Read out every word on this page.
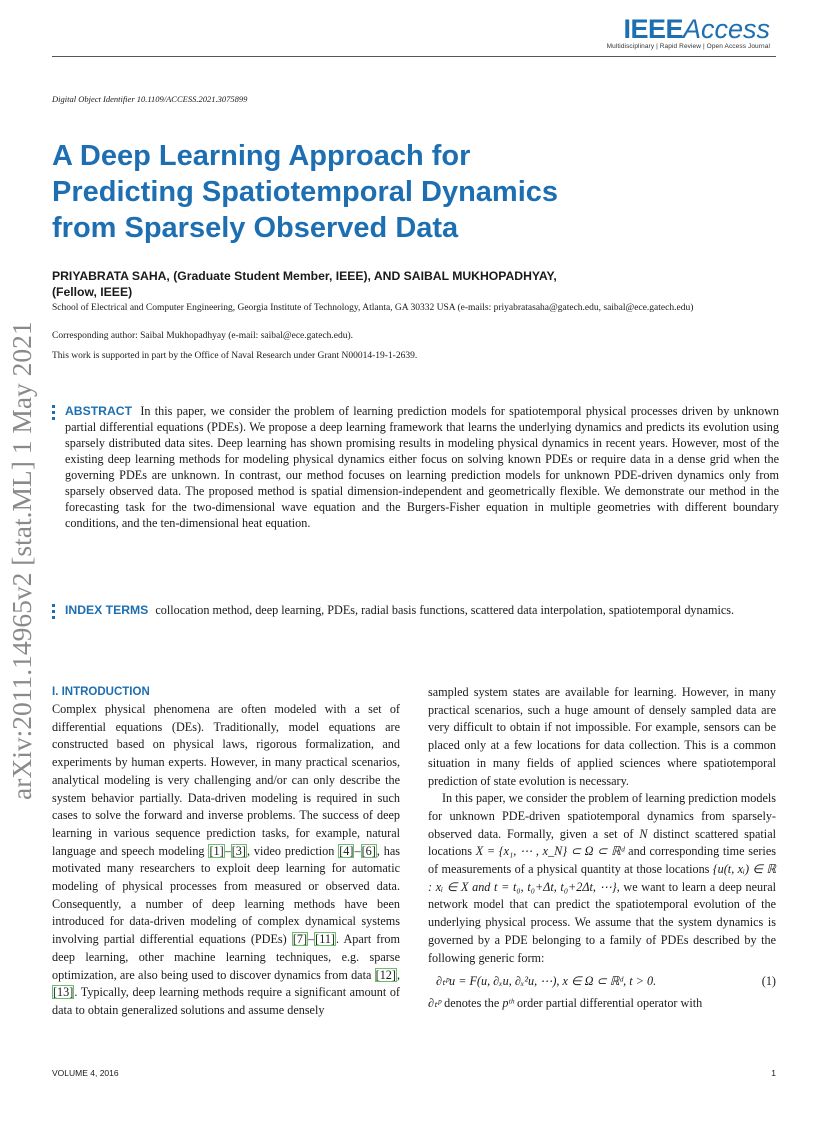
IEEEAccess
Multidisciplinary | Rapid Review | Open Access Journal
Digital Object Identifier 10.1109/ACCESS.2021.3075899
A Deep Learning Approach for
Predicting Spatiotemporal Dynamics
from Sparsely Observed Data
PRIYABRATA SAHA, (Graduate Student Member, IEEE), AND SAIBAL MUKHOPADHYAY,
(Fellow, IEEE)
School of Electrical and Computer Engineering, Georgia Institute of Technology, Atlanta, GA 30332 USA (e-mails: priyabratasaha@gatech.edu, saibal@ece.gatech.edu)
Corresponding author: Saibal Mukhopadhyay (e-mail: saibal@ece.gatech.edu).
This work is supported in part by the Office of Naval Research under Grant N00014-19-1-2639.
arXiv:2011.14965v2 [stat.ML] 1 May 2021 ABSTRACT In this paper, we consider the problem of learning prediction models for spatiotemporal physical processes driven by unknown partial differential equations (PDEs). We propose a deep learning framework that learns the underlying dynamics and predicts its evolution using sparsely distributed data sites. Deep learning has shown promising results in modeling physical dynamics in recent years. However, most of the existing deep learning methods for modeling physical dynamics either focus on solving known PDEs or require data in a dense grid when the governing PDEs are unknown. In contrast, our method focuses on learning prediction models for unknown PDE-driven dynamics only from sparsely observed data. The proposed method is spatial dimension-independent and geometrically flexible. We demonstrate our method in the forecasting task for the two-dimensional wave equation and the Burgers-Fisher equation in multiple geometries with different boundary conditions, and the ten-dimensional heat equation.
INDEX TERMS collocation method, deep learning, PDEs, radial basis functions, scattered data interpolation, spatiotemporal dynamics.
I. INTRODUCTION
Complex physical phenomena are often modeled with a set of differential equations (DEs). Traditionally, model equations are constructed based on physical laws, rigorous formalization, and experiments by human experts. However, in many practical scenarios, analytical modeling is very challenging and/or can only describe the system behavior partially. Data-driven modeling is required in such cases to solve the forward and inverse problems. The success of deep learning in various sequence prediction tasks, for example, natural language and speech modeling [1]–[3], video prediction [4]–[6], has motivated many researchers to exploit deep learning for automatic modeling of physical processes from measured or observed data. Consequently, a number of deep learning methods have been introduced for data-driven modeling of complex dynamical systems involving partial differential equations (PDEs) [7]–[11]. Apart from deep learning, other machine learning techniques, e.g. sparse optimization, are also being used to discover dynamics from data [12], [13]. Typically, deep learning methods require a significant amount of data to obtain generalized solutions and assume densely
sampled system states are available for learning. However, in many practical scenarios, such a huge amount of densely sampled data are very difficult to obtain if not impossible. For example, sensors can be placed only at a few locations for data collection. This is a common situation in many fields of applied sciences where spatiotemporal prediction of state evolution is necessary.
In this paper, we consider the problem of learning prediction models for unknown PDE-driven spatiotemporal dynamics from sparsely-observed data. Formally, given a set of N distinct scattered spatial locations X = {x₁, ⋯ , x_N} ⊂ Ω ⊂ ℝᵈ and corresponding time series of measurements of a physical quantity at those locations {u(t, xᵢ) ∈ ℝ : xᵢ ∈ X and t = t₀, t₀+Δt, t₀+2Δt, ⋯}, we want to learn a deep neural network model that can predict the spatiotemporal evolution of the underlying physical process. We assume that the system dynamics is governed by a PDE belonging to a family of PDEs described by the following generic form:
∂ₜᵖu = F(u, ∂ₓu, ∂ₓ²u, ⋯), x ∈ Ω ⊂ ℝᵈ, t > 0.	(1)
∂ₜᵖ denotes the pᵗʰ order partial differential operator with
VOLUME 4, 2016	1
